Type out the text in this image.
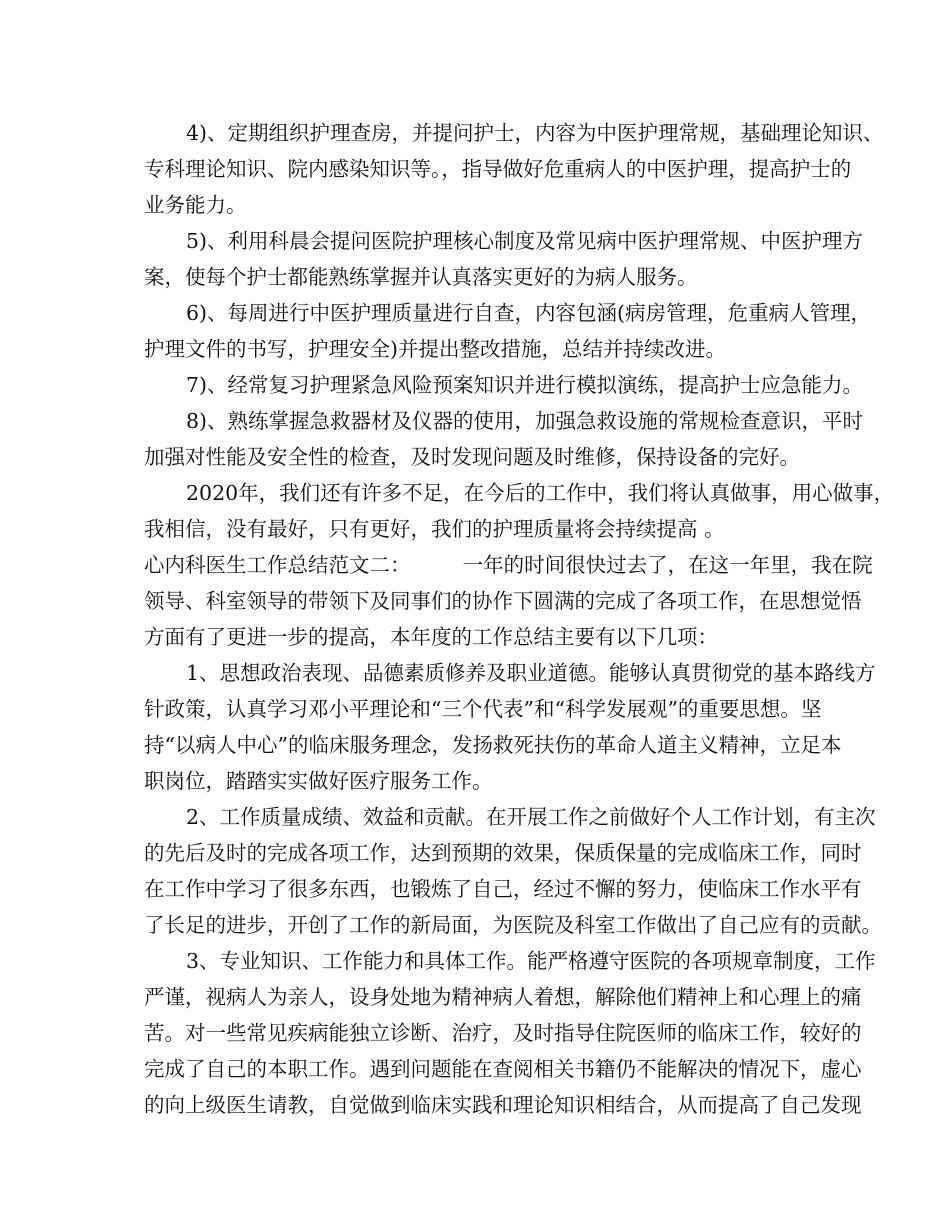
4)、定期组织护理查房，并提问护士，内容为中医护理常规，基础理论知识、
专科理论知识、院内感染知识等。，指导做好危重病人的中医护理，提高护士的
业务能力。
5)、利用科晨会提问医院护理核心制度及常见病中医护理常规、中医护理方
案，使每个护士都能熟练掌握并认真落实更好的为病人服务。
6)、每周进行中医护理质量进行自查，内容包涵(病房管理，危重病人管理，
护理文件的书写，护理安全)并提出整改措施，总结并持续改进。
7)、经常复习护理紧急风险预案知识并进行模拟演练，提高护士应急能力。
8)、熟练掌握急救器材及仪器的使用，加强急救设施的常规检查意识，平时
加强对性能及安全性的检查，及时发现问题及时维修，保持设备的完好。
2020年，我们还有许多不足，在今后的工作中，我们将认真做事，用心做事，
我相信，没有最好，只有更好，我们的护理质量将会持续提高 。
心内科医生工作总结范文二：        一年的时间很快过去了，在这一年里，我在院
领导、科室领导的带领下及同事们的协作下圆满的完成了各项工作，在思想觉悟
方面有了更进一步的提高，本年度的工作总结主要有以下几项：
1、思想政治表现、品德素质修养及职业道德。能够认真贯彻党的基本路线方
针政策，认真学习邓小平理论和“三个代表”和“科学发展观”的重要思想。坚
持“以病人中心”的临床服务理念，发扬救死扶伤的革命人道主义精神，立足本
职岗位，踏踏实实做好医疗服务工作。
2、工作质量成绩、效益和贡献。在开展工作之前做好个人工作计划，有主次
的先后及时的完成各项工作，达到预期的效果，保质保量的完成临床工作，同时
在工作中学习了很多东西，也锻炼了自己，经过不懈的努力，使临床工作水平有
了长足的进步，开创了工作的新局面，为医院及科室工作做出了自己应有的贡献。
3、专业知识、工作能力和具体工作。能严格遵守医院的各项规章制度，工作
严谨，视病人为亲人，设身处地为精神病人着想，解除他们精神上和心理上的痛
苦。对一些常见疾病能独立诊断、治疗，及时指导住院医师的临床工作，较好的
完成了自己的本职工作。遇到问题能在查阅相关书籍仍不能解决的情况下，虚心
的向上级医生请教，自觉做到临床实践和理论知识相结合，从而提高了自己发现
